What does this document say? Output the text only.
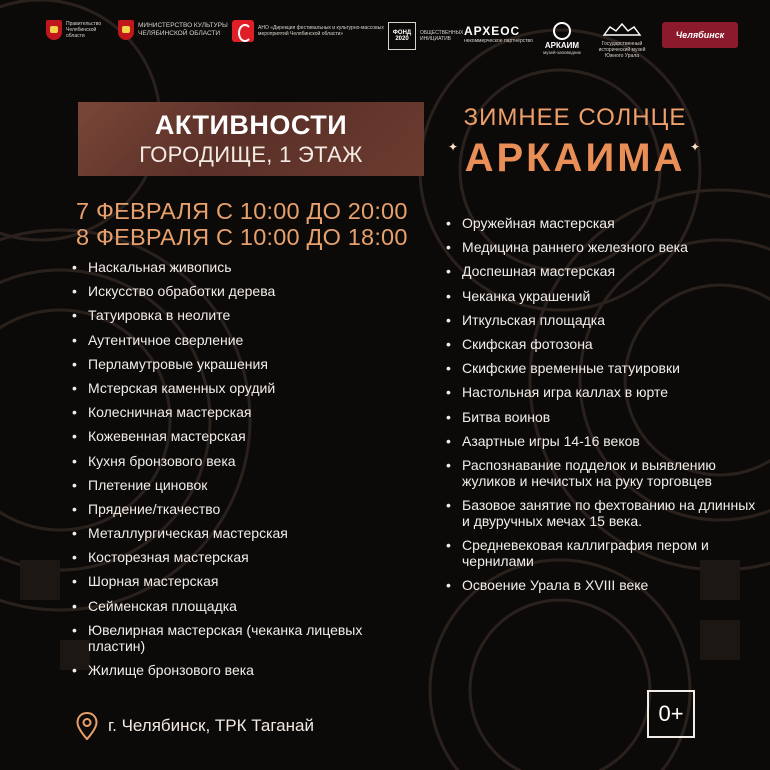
Правительство Челябинской области
МИНИСТЕРСТВО КУЛЬТУРЫ ЧЕЛЯБИНСКОЙ ОБЛАСТИ
АНО «Дирекция фестивальных и культурно-массовых мероприятий Челябинской области»	ФОНД
2020
ОБЩЕСТВЕННЫХ ИНИЦИАТИВ
АРХЕОС
некоммерческое партнёрство	АРКАИМ
музей-заповедник
Государственный исторический музей Южного Урала
Челябинск
АКТИВНОСТИ
ГОРОДИЩЕ, 1 ЭТАЖ
ЗИМНЕЕ СОЛНЦЕ
АРКАИМА
✦	✦
7 ФЕВРАЛЯ С 10:00 ДО 20:00
8 ФЕВРАЛЯ С 10:00 ДО 18:00
• Наскальная живопись
• Искусство обработки дерева
• Татуировка в неолите
• Аутентичное сверление
• Перламутровые украшения
• Мстерская каменных орудий
• Колесничная мастерская
• Кожевенная мастерская
• Кухня бронзового века
• Плетение циновок
• Прядение/ткачество
• Металлургическая мастерская
• Косторезная мастерская
• Шорная мастерская
• Сейменская площадка
• Ювелирная мастерская (чеканка лицевых пластин)
• Жилище бронзового века
• Оружейная мастерская
• Медицина раннего железного века
• Доспешная мастерская
• Чеканка украшений
• Иткульская площадка
• Скифская фотозона
• Скифские временные татуировки
• Настольная игра каллах в юрте
• Битва воинов
• Азартные игры 14-16 веков
• Распознавание подделок и выявлению жуликов и нечистых на руку торговцев
• Базовое занятие по фехтованию на длинных и двуручных мечах 15 века.
• Средневековая каллиграфия пером и чернилами
• Освоение Урала в XVIII веке
г. Челябинск, ТРК Таганай	0+
